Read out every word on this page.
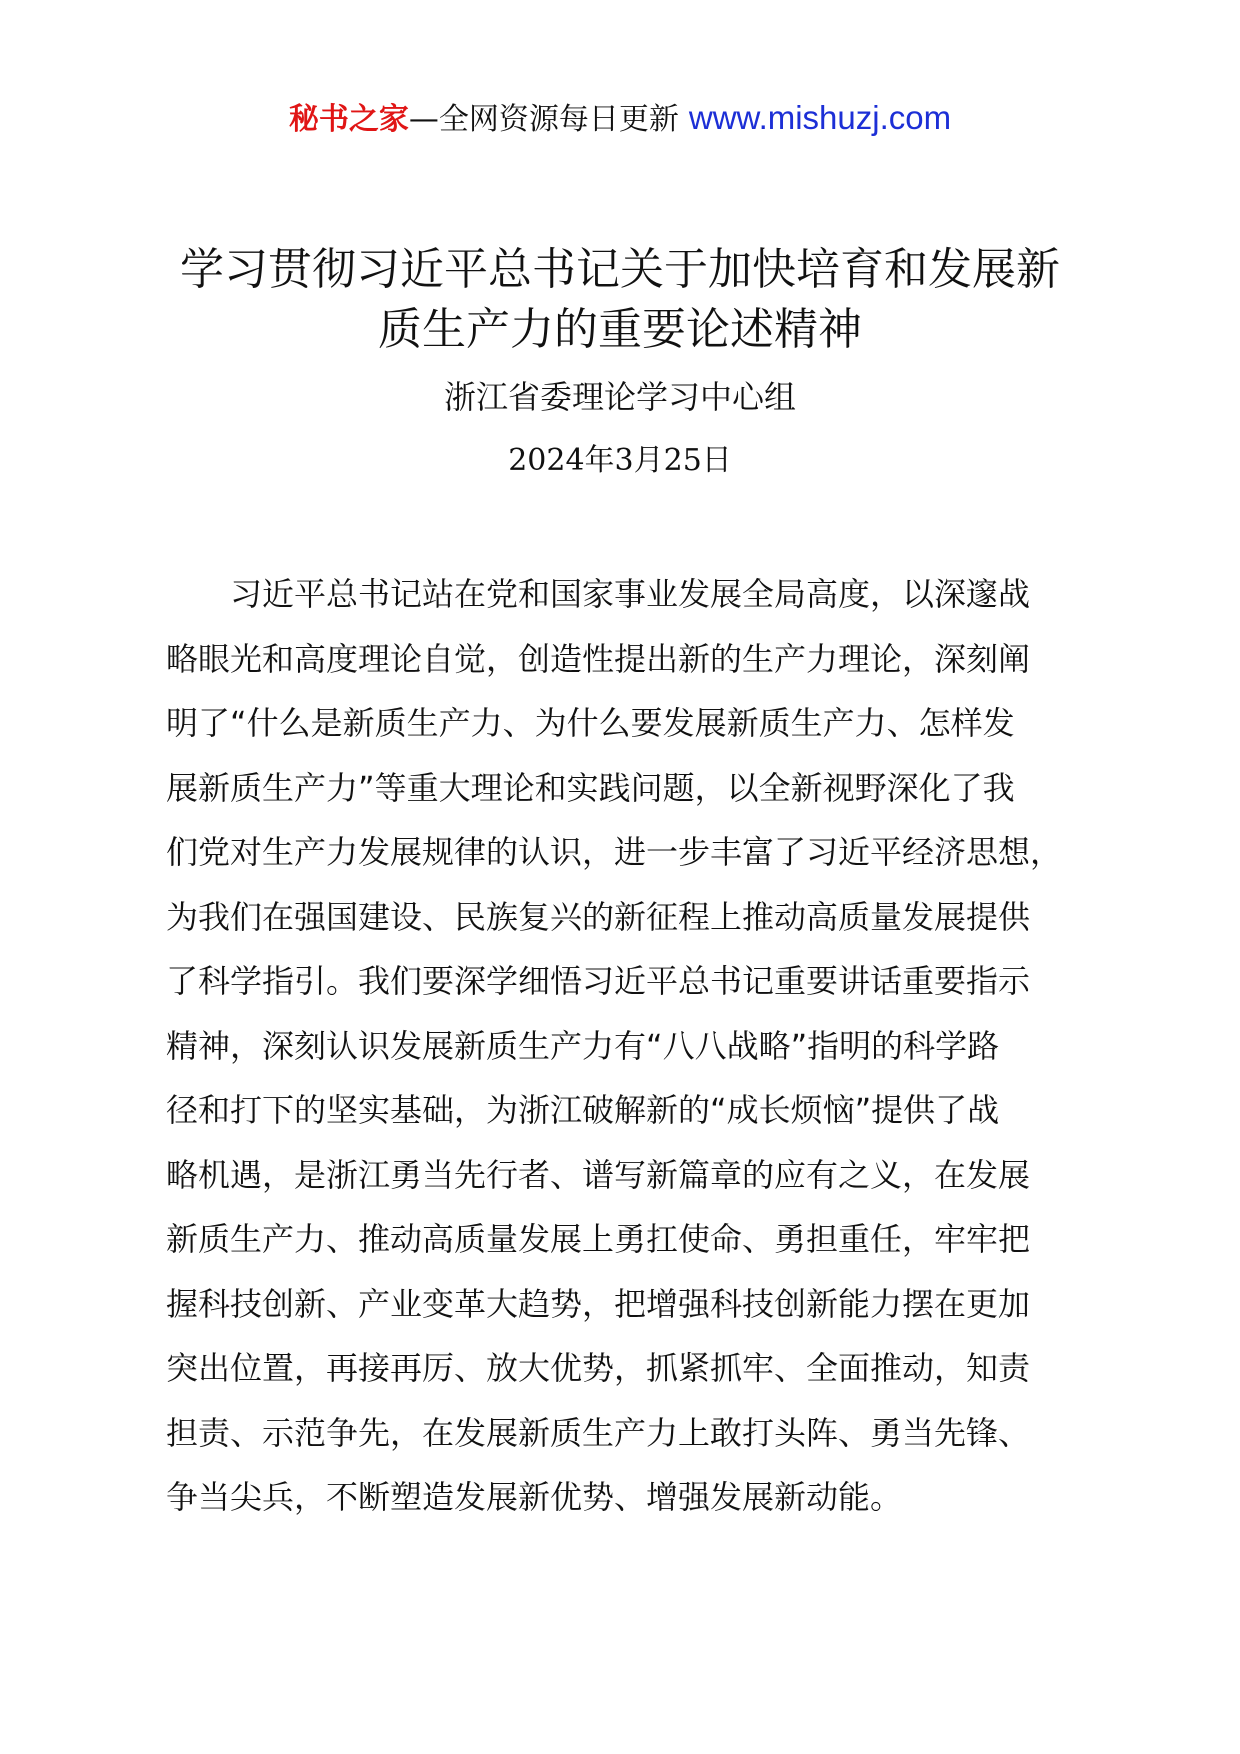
秘书之家—全网资源每日更新 www.mishuzj.com
学习贯彻习近平总书记关于加快培育和发展新
质生产力的重要论述精神
浙江省委理论学习中心组
2024年3月25日
　　习近平总书记站在党和国家事业发展全局高度，以深邃战
略眼光和高度理论自觉，创造性提出新的生产力理论，深刻阐
明了“什么是新质生产力、为什么要发展新质生产力、怎样发
展新质生产力”等重大理论和实践问题，以全新视野深化了我
们党对生产力发展规律的认识，进一步丰富了习近平经济思想，
为我们在强国建设、民族复兴的新征程上推动高质量发展提供
了科学指引。我们要深学细悟习近平总书记重要讲话重要指示
精神，深刻认识发展新质生产力有“八八战略”指明的科学路
径和打下的坚实基础，为浙江破解新的“成长烦恼”提供了战
略机遇，是浙江勇当先行者、谱写新篇章的应有之义，在发展
新质生产力、推动高质量发展上勇扛使命、勇担重任，牢牢把
握科技创新、产业变革大趋势，把增强科技创新能力摆在更加
突出位置，再接再厉、放大优势，抓紧抓牢、全面推动，知责
担责、示范争先，在发展新质生产力上敢打头阵、勇当先锋、
争当尖兵，不断塑造发展新优势、增强发展新动能。
